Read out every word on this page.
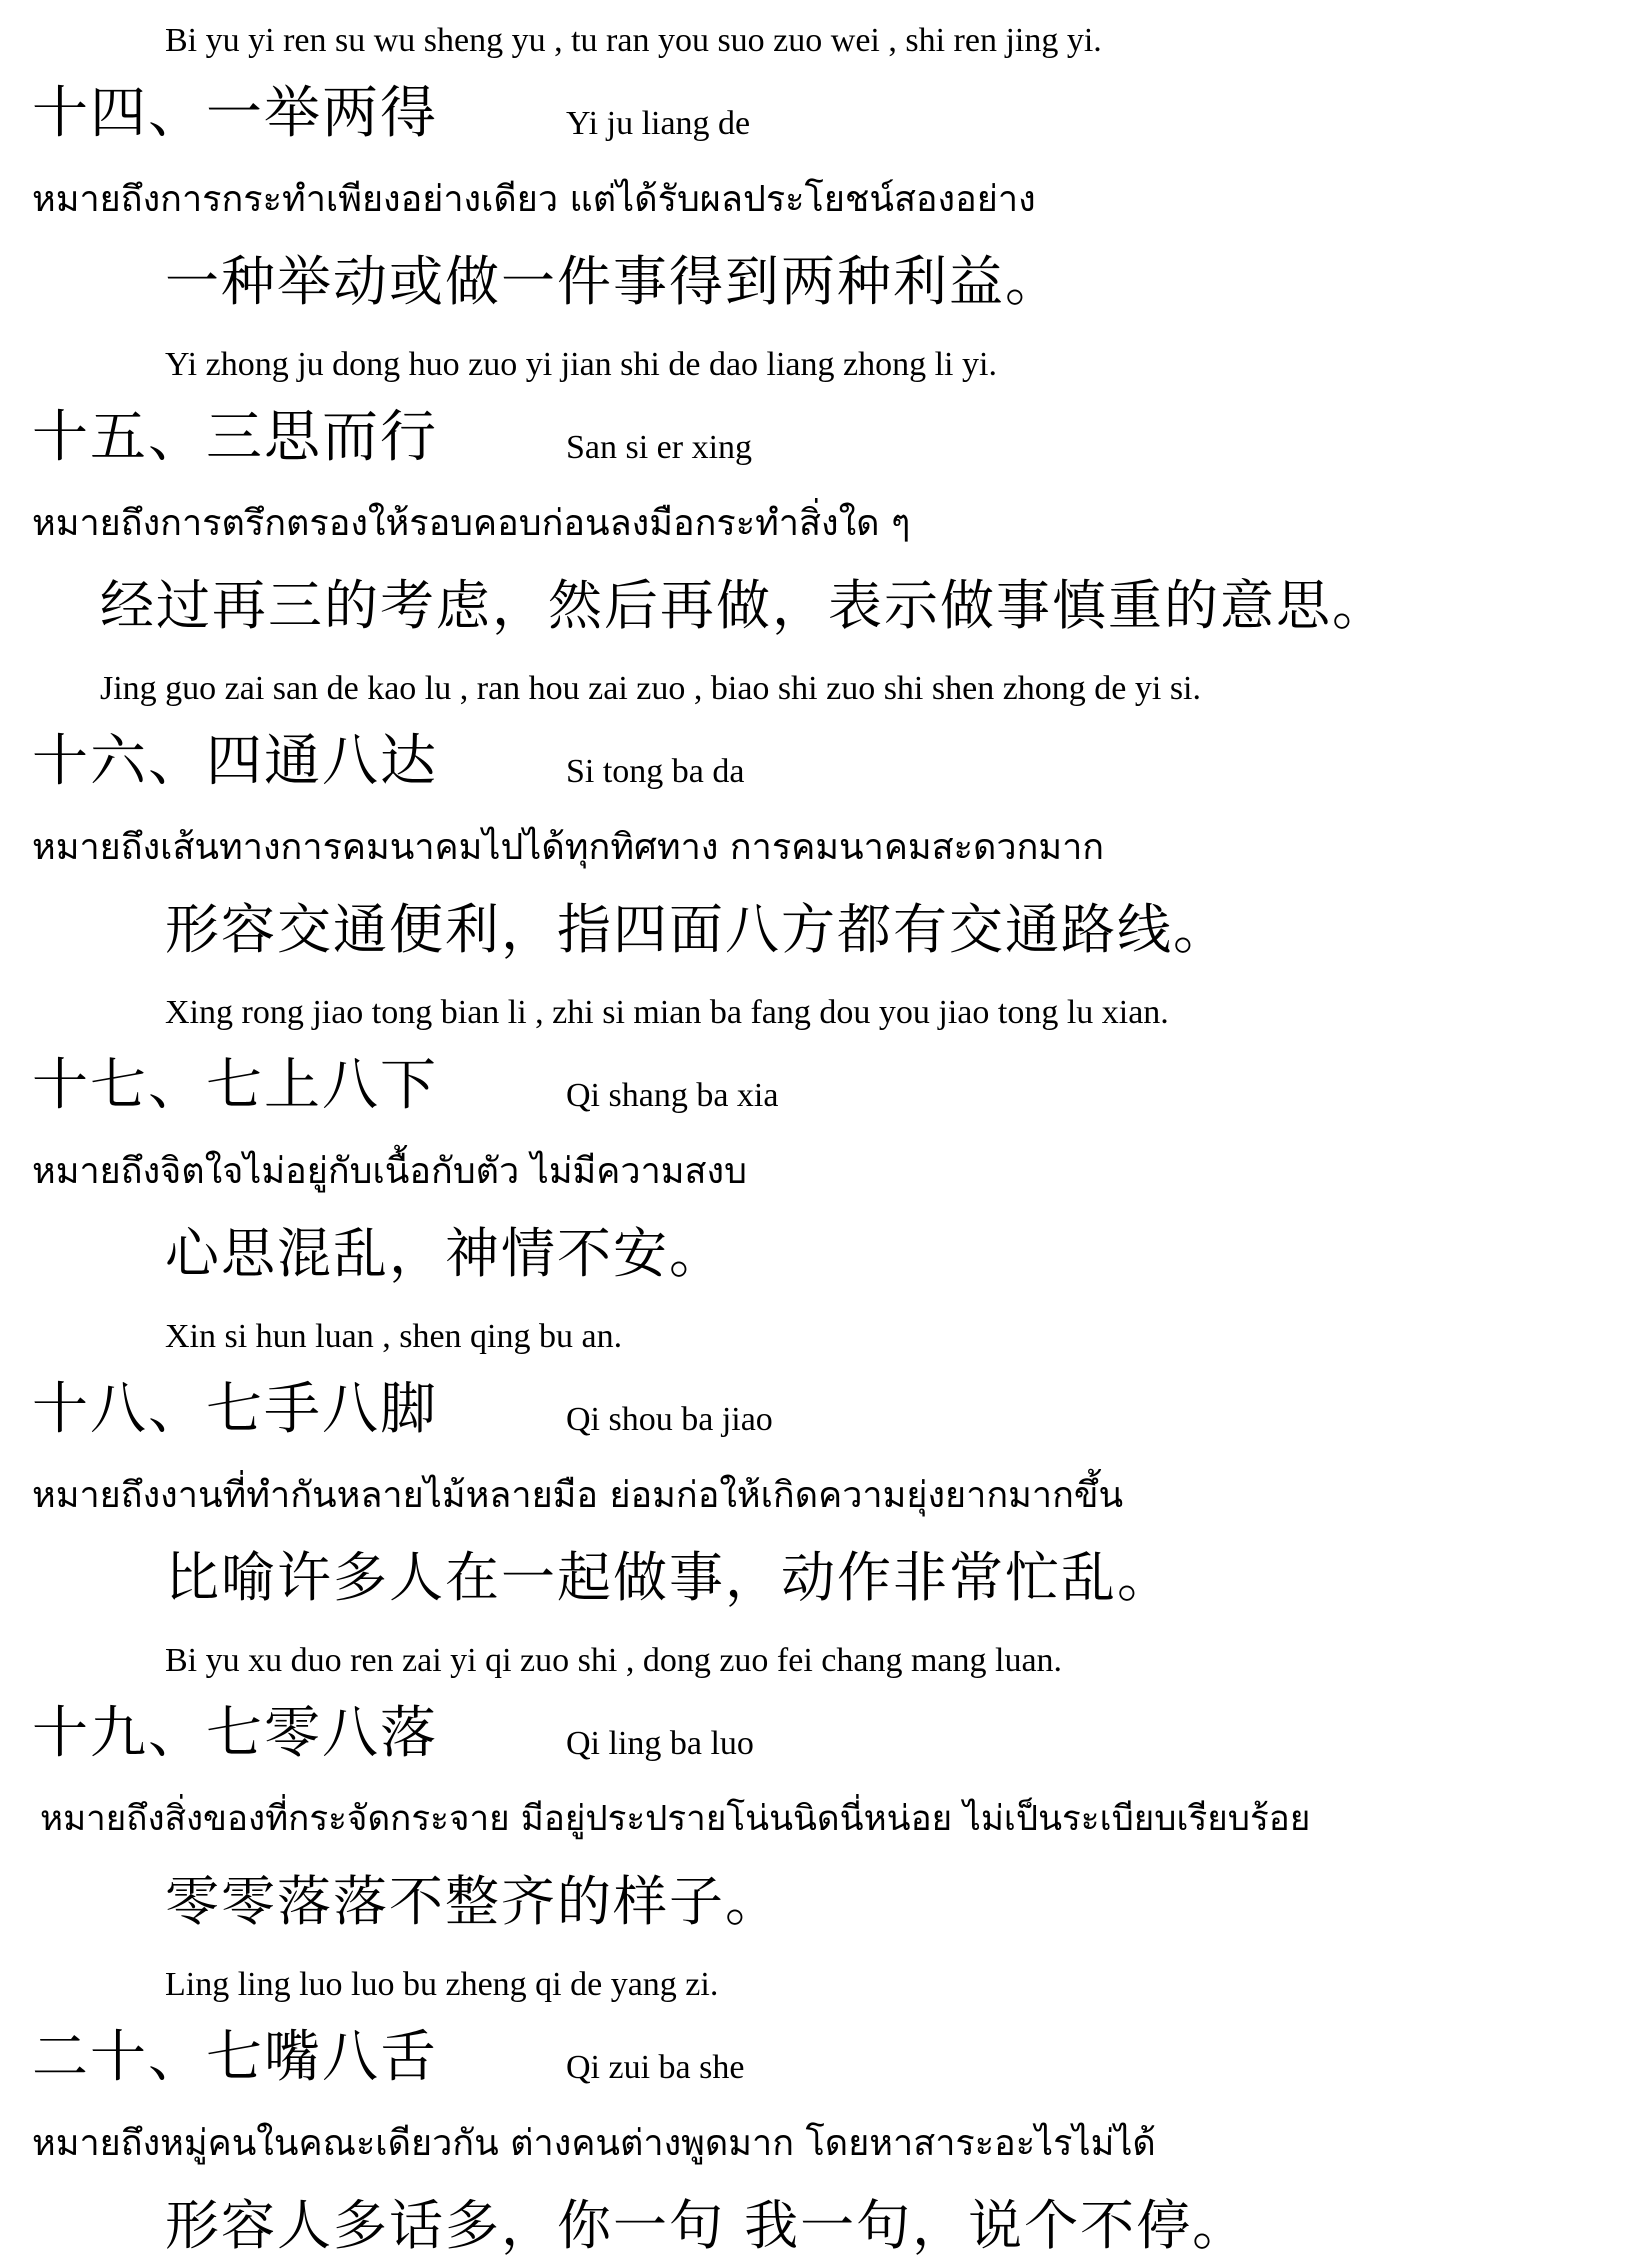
Bi yu yi ren su wu sheng yu , tu ran you suo zuo wei , shi ren jing yi.
十四、一举两得	Yi ju liang de
หมายถึงการกระทำเพียงอย่างเดียว แต่ได้รับผลประโยชน์สองอย่าง
一种举动或做一件事得到两种利益。
Yi zhong ju dong huo zuo yi jian shi de dao liang zhong li yi.
十五、三思而行	San si er xing
หมายถึงการตรึกตรองให้รอบคอบก่อนลงมือกระทำสิ่งใด ๆ
经过再三的考虑，然后再做，表示做事慎重的意思。
Jing guo zai san de kao lu , ran hou zai zuo , biao shi zuo shi shen zhong de yi si.
十六、四通八达	Si tong ba da
หมายถึงเส้นทางการคมนาคมไปได้ทุกทิศทาง การคมนาคมสะดวกมาก
形容交通便利，指四面八方都有交通路线。
Xing rong jiao tong bian li , zhi si mian ba fang dou you jiao tong lu xian.
十七、七上八下	Qi shang ba xia
หมายถึงจิตใจไม่อยู่กับเนื้อกับตัว ไม่มีความสงบ
心思混乱，神情不安。
Xin si hun luan , shen qing bu an.
十八、七手八脚	Qi shou ba jiao
หมายถึงงานที่ทำกันหลายไม้หลายมือ ย่อมก่อให้เกิดความยุ่งยากมากขึ้น
比喻许多人在一起做事，动作非常忙乱。
Bi yu xu duo ren zai yi qi zuo shi , dong zuo fei chang mang luan.
十九、七零八落	Qi ling ba luo
หมายถึงสิ่งของที่กระจัดกระจาย มีอยู่ประปรายโน่นนิดนี่หน่อย ไม่เป็นระเบียบเรียบร้อย
零零落落不整齐的样子。
Ling ling luo luo bu zheng qi de yang zi.
二十、七嘴八舌	Qi zui ba she
หมายถึงหมู่คนในคณะเดียวกัน ต่างคนต่างพูดมาก โดยหาสาระอะไรไม่ได้
形容人多话多，你一句 我一句，说个不停。
